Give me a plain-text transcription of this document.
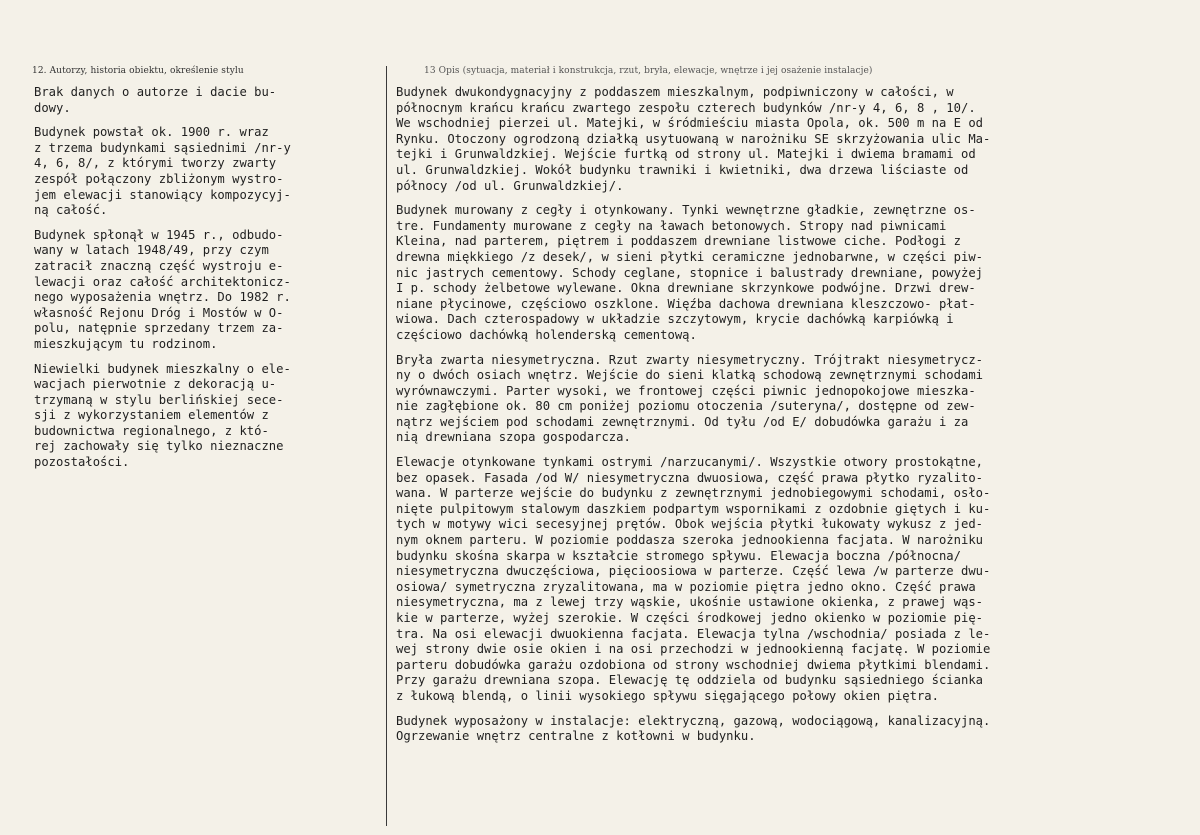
12. Autorzy, historia obiektu, określenie stylu	13 Opis (sytuacja, materiał i konstrukcja, rzut, bryła, elewacje, wnętrze i jej osażenie instalacje)
Brak danych o autorze i dacie bu-
dowy.
Budynek powstał ok. 1900 r. wraz
z trzema budynkami sąsiednimi /nr-y
4, 6, 8/, z którymi tworzy zwarty
zespół połączony zbliżonym wystro-
jem elewacji stanowiący kompozycyj-
ną całość.
Budynek spłonął w 1945 r., odbudo-
wany w latach 1948/49, przy czym
zatracił znaczną część wystroju e-
lewacji oraz całość architektonicz-
nego wyposażenia wnętrz. Do 1982 r.
własność Rejonu Dróg i Mostów w O-
polu, natępnie sprzedany trzem za-
mieszkującym tu rodzinom.
Niewielki budynek mieszkalny o ele-
wacjach pierwotnie z dekoracją u-
trzymaną w stylu berlińskiej sece-
sji z wykorzystaniem elementów z
budownictwa regionalnego, z któ-
rej zachowały się tylko nieznaczne
pozostałości.
Budynek dwukondygnacyjny z poddaszem mieszkalnym, podpiwniczony w całości, w
północnym krańcu krańcu zwartego zespołu czterech budynków /nr-y 4, 6, 8 , 10/.
We wschodniej pierzei ul. Matejki, w śródmieściu miasta Opola, ok. 500 m na E od
Rynku. Otoczony ogrodzoną działką usytuowaną w narożniku SE skrzyżowania ulic Ma-
tejki i Grunwaldzkiej. Wejście furtką od strony ul. Matejki i dwiema bramami od
ul. Grunwaldzkiej. Wokół budynku trawniki i kwietniki, dwa drzewa liściaste od
północy /od ul. Grunwaldzkiej/.
Budynek murowany z cegły i otynkowany. Tynki wewnętrzne gładkie, zewnętrzne os-
tre. Fundamenty murowane z cegły na ławach betonowych. Stropy nad piwnicami
Kleina, nad parterem, piętrem i poddaszem drewniane listwowe ciche. Podłogi z
drewna miękkiego /z desek/, w sieni płytki ceramiczne jednobarwne, w części piw-
nic jastrych cementowy. Schody ceglane, stopnice i balustrady drewniane, powyżej
I p. schody żelbetowe wylewane. Okna drewniane skrzynkowe podwójne. Drzwi drew-
niane płycinowe, częściowo oszklone. Więźba dachowa drewniana kleszczowo- płat-
wiowa. Dach czterospadowy w układzie szczytowym, krycie dachówką karpiówką i
częściowo dachówką holenderską cementową.
Bryła zwarta niesymetryczna. Rzut zwarty niesymetryczny. Trójtrakt niesymetrycz-
ny o dwóch osiach wnętrz. Wejście do sieni klatką schodową zewnętrznymi schodami
wyrównawczymi. Parter wysoki, we frontowej części piwnic jednopokojowe mieszka-
nie zagłębione ok. 80 cm poniżej poziomu otoczenia /suteryna/, dostępne od zew-
nątrz wejściem pod schodami zewnętrznymi. Od tyłu /od E/ dobudówka garażu i za
nią drewniana szopa gospodarcza.
Elewacje otynkowane tynkami ostrymi /narzucanymi/. Wszystkie otwory prostokątne,
bez opasek. Fasada /od W/ niesymetryczna dwuosiowa, część prawa płytko ryzalito-
wana. W parterze wejście do budynku z zewnętrznymi jednobiegowymi schodami, osło-
nięte pulpitowym stalowym daszkiem podpartym wspornikami z ozdobnie giętych i ku-
tych w motywy wici secesyjnej prętów. Obok wejścia płytki łukowaty wykusz z jed-
nym oknem parteru. W poziomie poddasza szeroka jednookienna facjata. W narożniku
budynku skośna skarpa w kształcie stromego spływu. Elewacja boczna /północna/
niesymetryczna dwuczęściowa, pięcioosiowa w parterze. Część lewa /w parterze dwu-
osiowa/ symetryczna zryzalitowana, ma w poziomie piętra jedno okno. Część prawa
niesymetryczna, ma z lewej trzy wąskie, ukośnie ustawione okienka, z prawej wąs-
kie w parterze, wyżej szerokie. W części środkowej jedno okienko w poziomie pię-
tra. Na osi elewacji dwuokienna facjata. Elewacja tylna /wschodnia/ posiada z le-
wej strony dwie osie okien i na osi przechodzi w jednookienną facjatę. W poziomie
parteru dobudówka garażu ozdobiona od strony wschodniej dwiema płytkimi blendami.
Przy garażu drewniana szopa. Elewację tę oddziela od budynku sąsiedniego ścianka
z łukową blendą, o linii wysokiego spływu sięgającego połowy okien piętra.
Budynek wyposażony w instalacje: elektryczną, gazową, wodociągową, kanalizacyjną.
Ogrzewanie wnętrz centralne z kotłowni w budynku.
